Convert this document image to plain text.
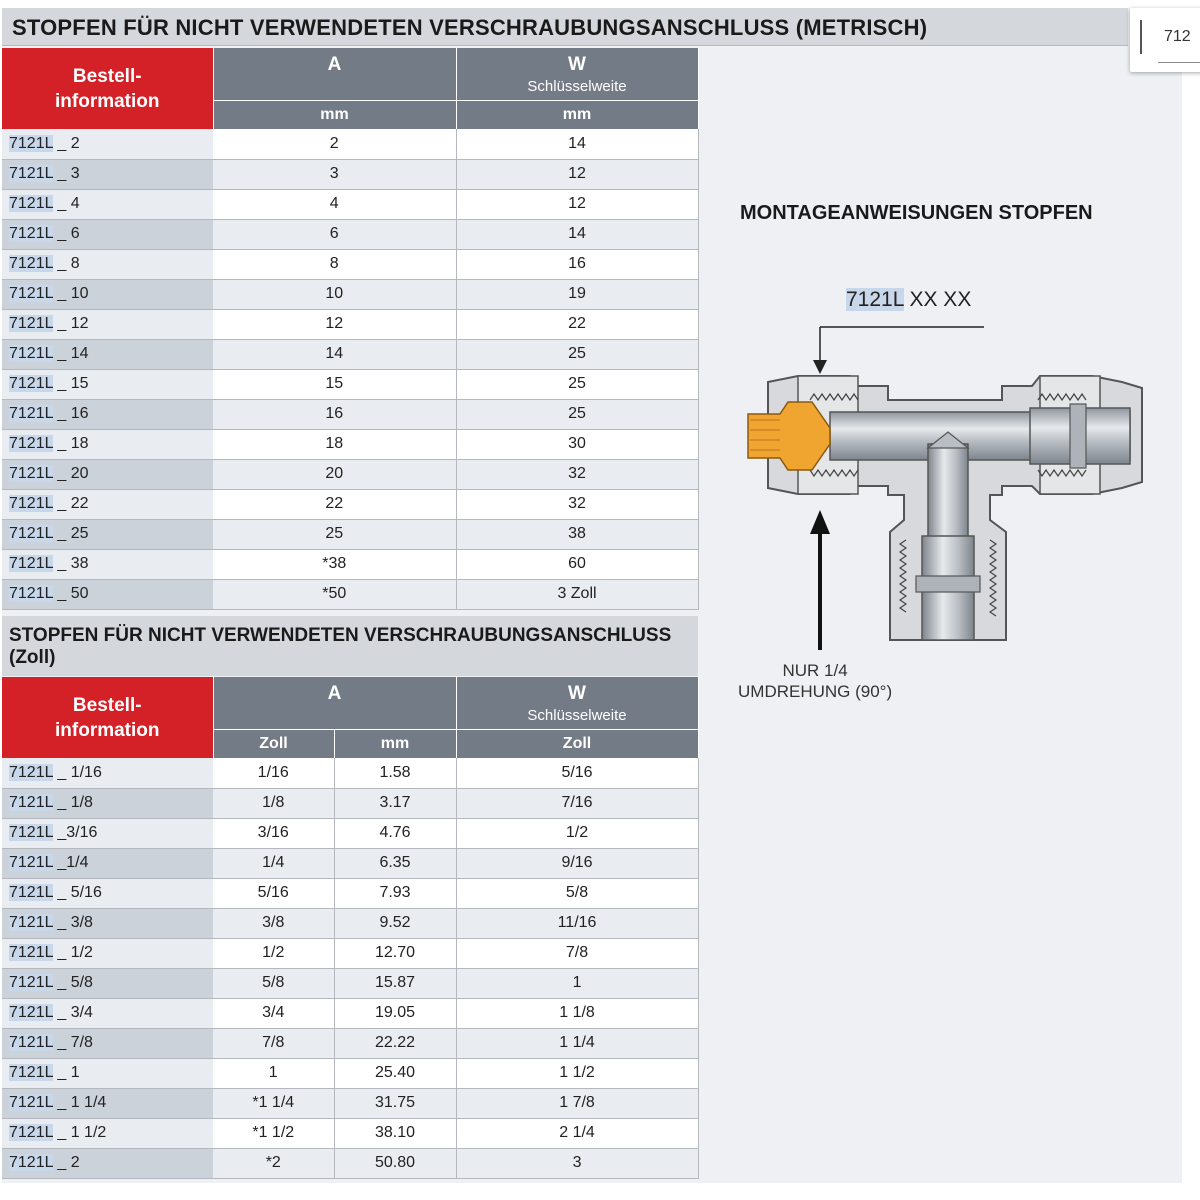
STOPFEN FÜR NICHT VERWENDETEN VERSCHRAUBUNGSANSCHLUSS (METRISCH)	712
Bestell-
information	A	W
Schlüsselweite

	mm	mm
7121L _ 2	2	14
7121L _ 3	3	12
7121L _ 4	4	12
7121L _ 6	6	14
7121L _ 8	8	16
7121L _ 10	10	19
7121L _ 12	12	22
7121L _ 14	14	25
7121L _ 15	15	25
7121L _ 16	16	25
7121L _ 18	18	30
7121L _ 20	20	32
7121L _ 22	22	32
7121L _ 25	25	38
7121L _ 38	*38	60
7121L _ 50	*50	3 Zoll
STOPFEN FÜR NICHT VERWENDETEN VERSCHRAUBUNGSANSCHLUSS
(Zoll)
Bestell-
information	A		W
Schlüsselweite

	Zoll	mm	Zoll
7121L _ 1/16	1/16	1.58	5/16
7121L _ 1/8	1/8	3.17	7/16
7121L _3/16	3/16	4.76	1/2
7121L _1/4	1/4	6.35	9/16
7121L _ 5/16	5/16	7.93	5/8
7121L _ 3/8	3/8	9.52	11/16
7121L _ 1/2	1/2	12.70	7/8
7121L _ 5/8	5/8	15.87	1
7121L _ 3/4	3/4	19.05	1 1/8
7121L _ 7/8	7/8	22.22	1 1/4
7121L _ 1	1	25.40	1 1/2
7121L _ 1 1/4	*1 1/4	31.75	1 7/8
7121L _ 1 1/2	*1 1/2	38.10	2 1/4
7121L _ 2	*2	50.80	3
MONTAGEANWEISUNGEN STOPFEN
7121L XX XX
NUR 1/4
UMDREHUNG (90°)
